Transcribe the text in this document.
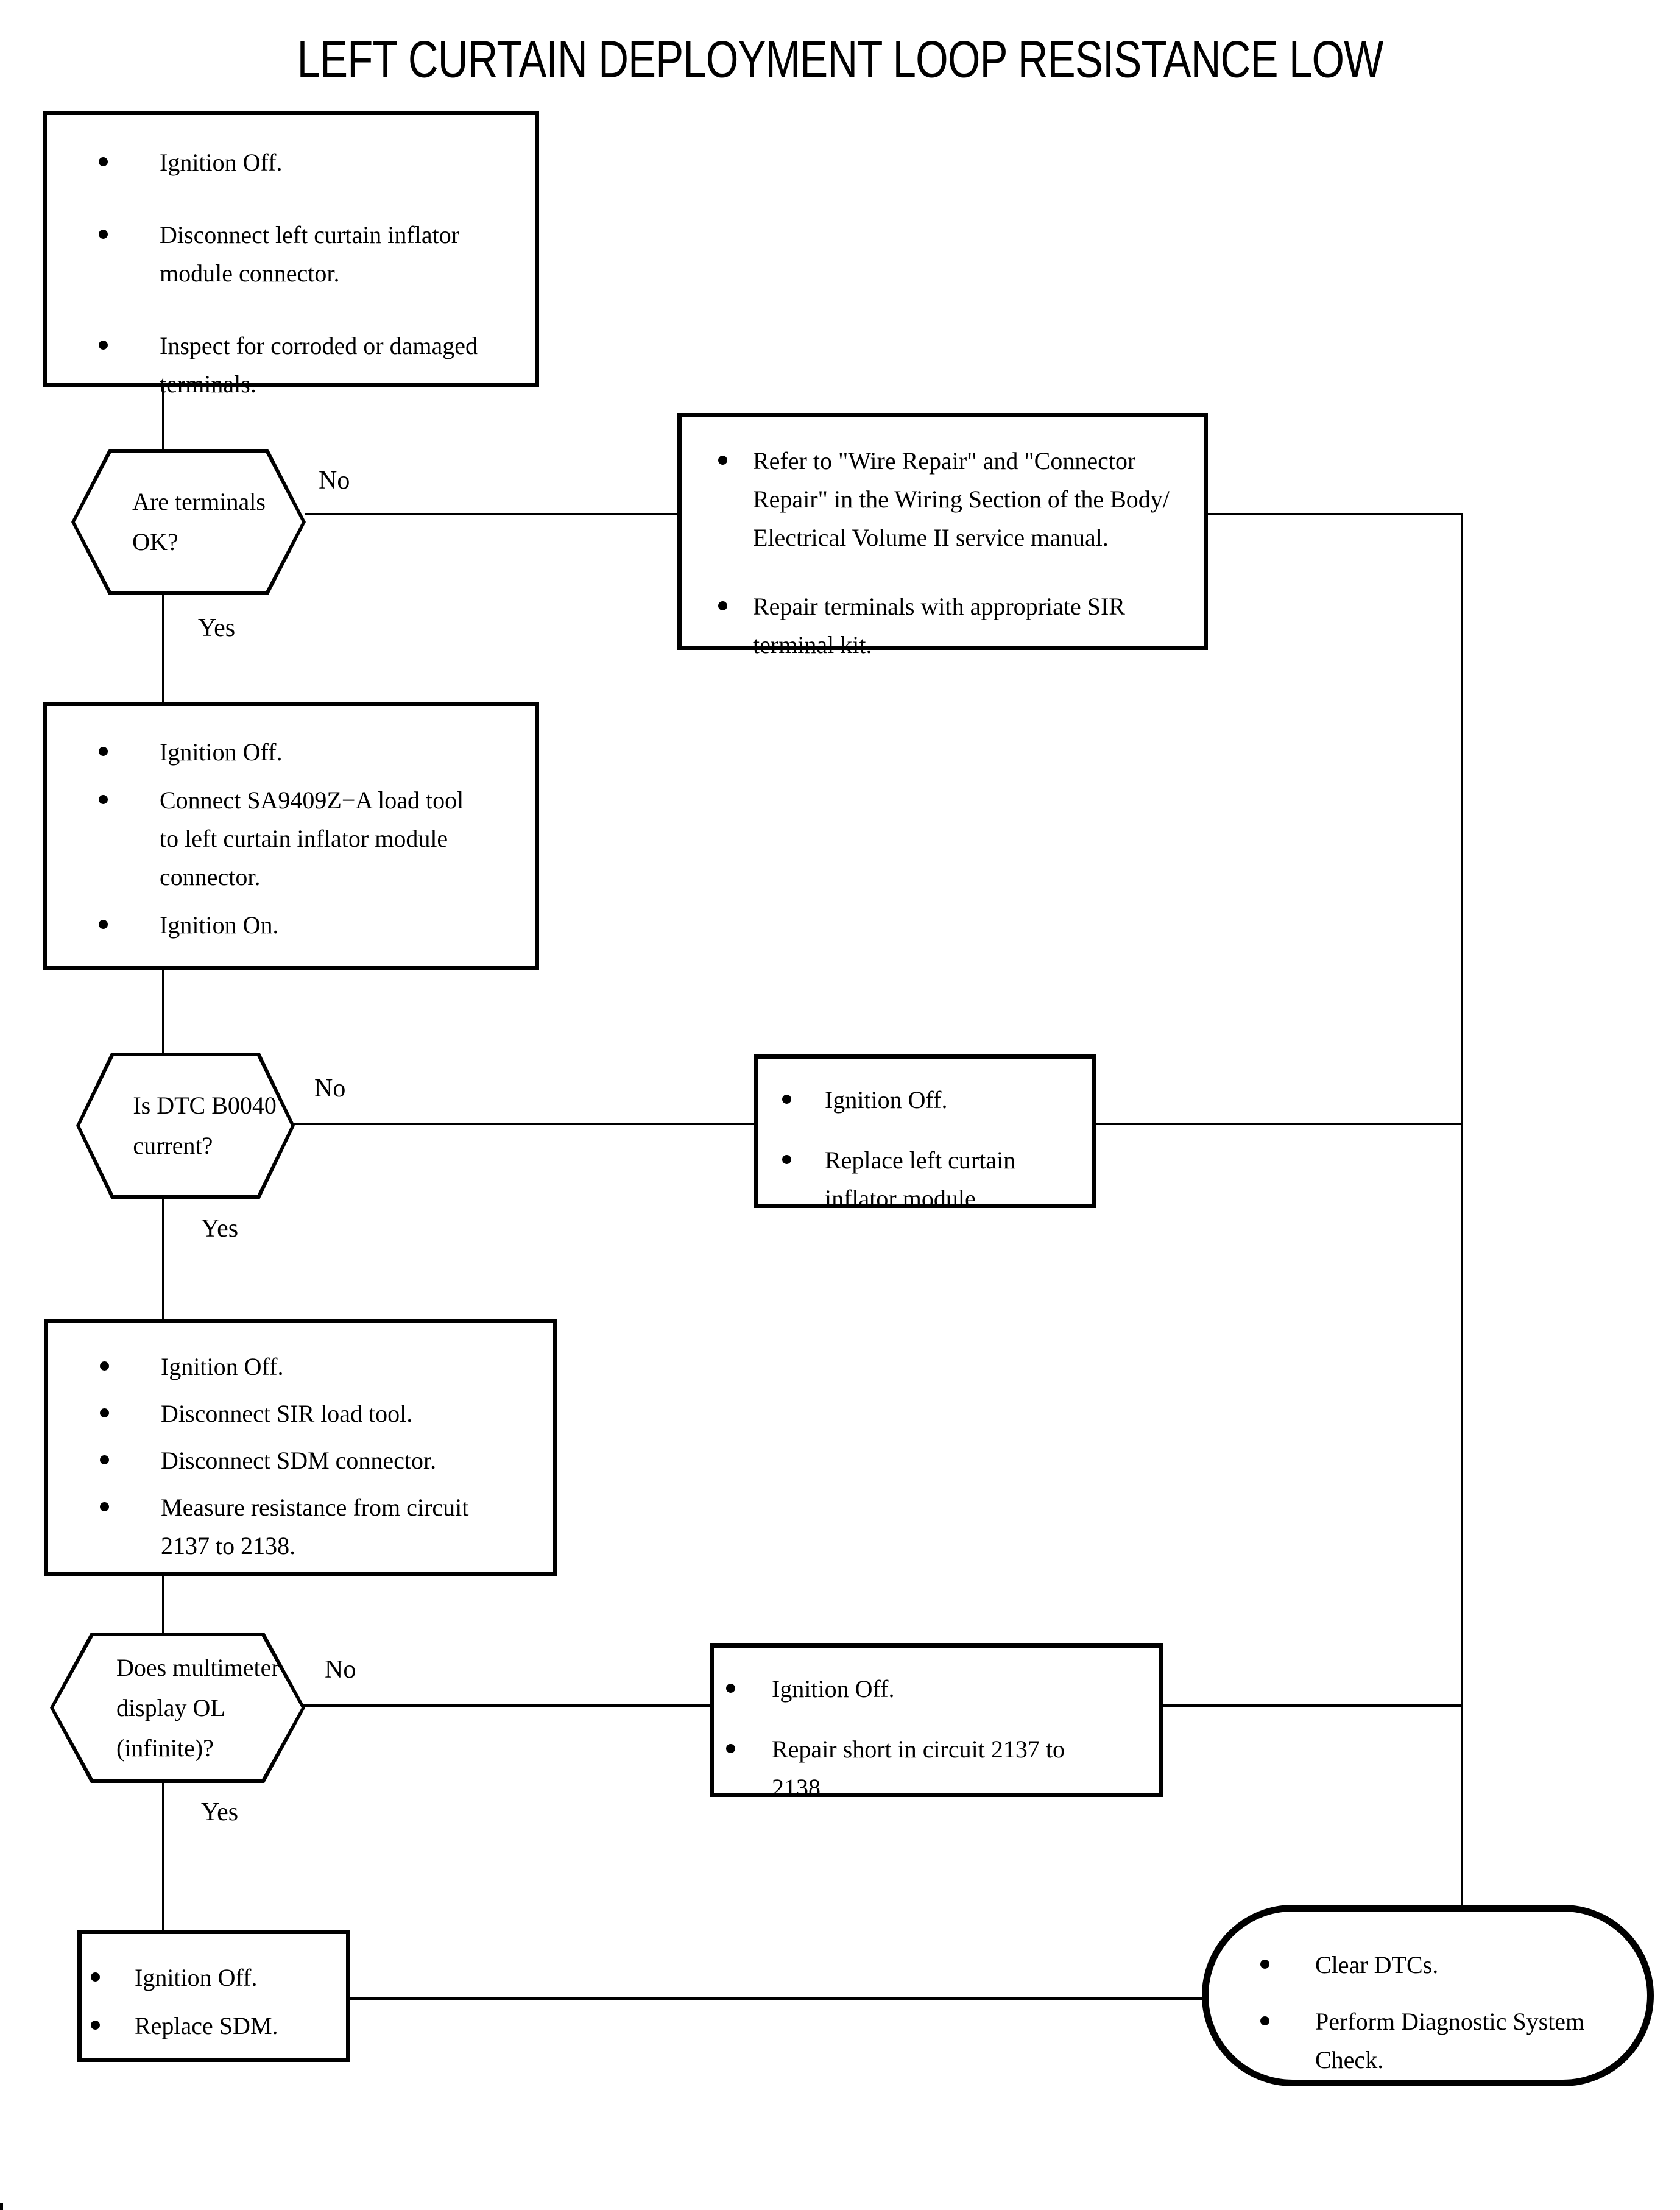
LEFT CURTAIN DEPLOYMENT LOOP RESISTANCE LOW
Ignition Off.
Disconnect left curtain inflator module connector.
Inspect for corroded or damaged terminals.
Ignition Off.
Connect SA9409Z−A load tool to left curtain inflator module connector.
Ignition On.
Ignition Off.
Disconnect SIR load tool.
Disconnect SDM connector.
Measure resistance from circuit 2137 to 2138.
Ignition Off.
Replace SDM.
Are terminals OK?
Is DTC B0040 current?
Does multimeter display OL (infinite)?
Refer to "Wire Repair" and "Connector Repair" in the Wiring Section of the Body/ Electrical Volume II service manual.
Repair terminals with appropriate SIR terminal kit.
Ignition Off.
Replace left curtain inflator module.
Ignition Off.
Repair short in circuit 2137 to 2138.
Clear DTCs.
Perform Diagnostic System Check.
No
Yes
No
Yes
No
Yes
